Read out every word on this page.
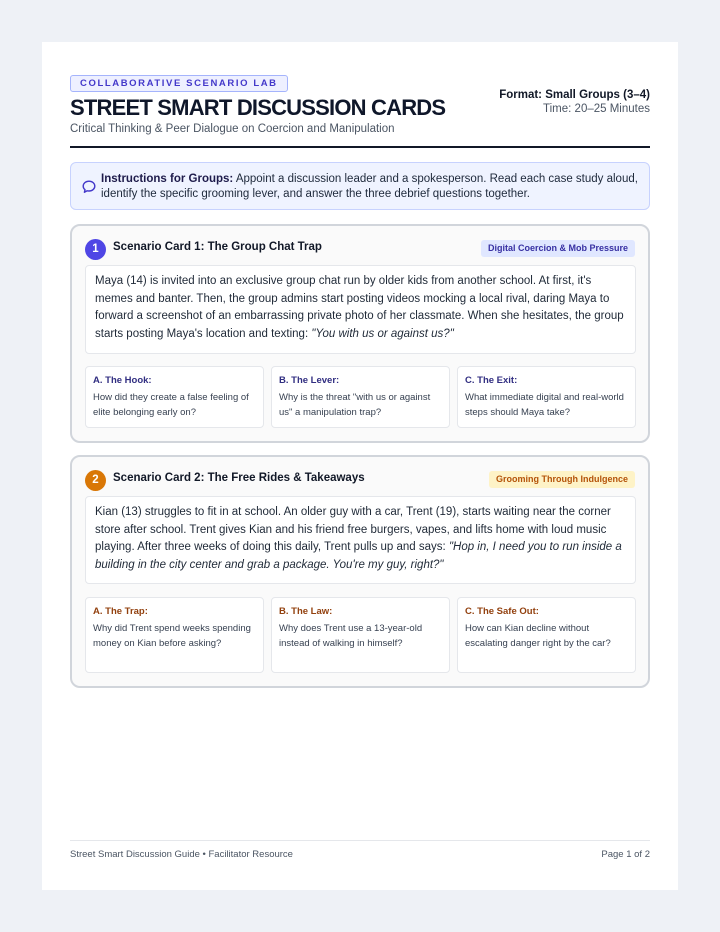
COLLABORATIVE SCENARIO LAB
STREET SMART DISCUSSION CARDS
Critical Thinking & Peer Dialogue on Coercion and Manipulation
Format: Small Groups (3–4)
Time: 20–25 Minutes
Instructions for Groups: Appoint a discussion leader and a spokesperson. Read each case study aloud, identify the specific grooming lever, and answer the three debrief questions together.
1	Scenario Card 1: The Group Chat Trap	Digital Coercion & Mob Pressure
Maya (14) is invited into an exclusive group chat run by older kids from another school. At first, it's memes and banter. Then, the group admins start posting videos mocking a local rival, daring Maya to forward a screenshot of an embarrassing private photo of her classmate. When she hesitates, the group starts posting Maya's location and texting: "You with us or against us?"
A. The Hook:
How did they create a false feeling of elite belonging early on?
B. The Lever:
Why is the threat "with us or against us" a manipulation trap?
C. The Exit:
What immediate digital and real-world steps should Maya take?
2	Scenario Card 2: The Free Rides & Takeaways	Grooming Through Indulgence
Kian (13) struggles to fit in at school. An older guy with a car, Trent (19), starts waiting near the corner store after school. Trent gives Kian and his friend free burgers, vapes, and lifts home with loud music playing. After three weeks of doing this daily, Trent pulls up and says: "Hop in, I need you to run inside a building in the city center and grab a package. You're my guy, right?"
A. The Trap:
Why did Trent spend weeks spending money on Kian before asking?
B. The Law:
Why does Trent use a 13-year-old instead of walking in himself?
C. The Safe Out:
How can Kian decline without escalating danger right by the car?
Street Smart Discussion Guide • Facilitator Resource	Page 1 of 2
